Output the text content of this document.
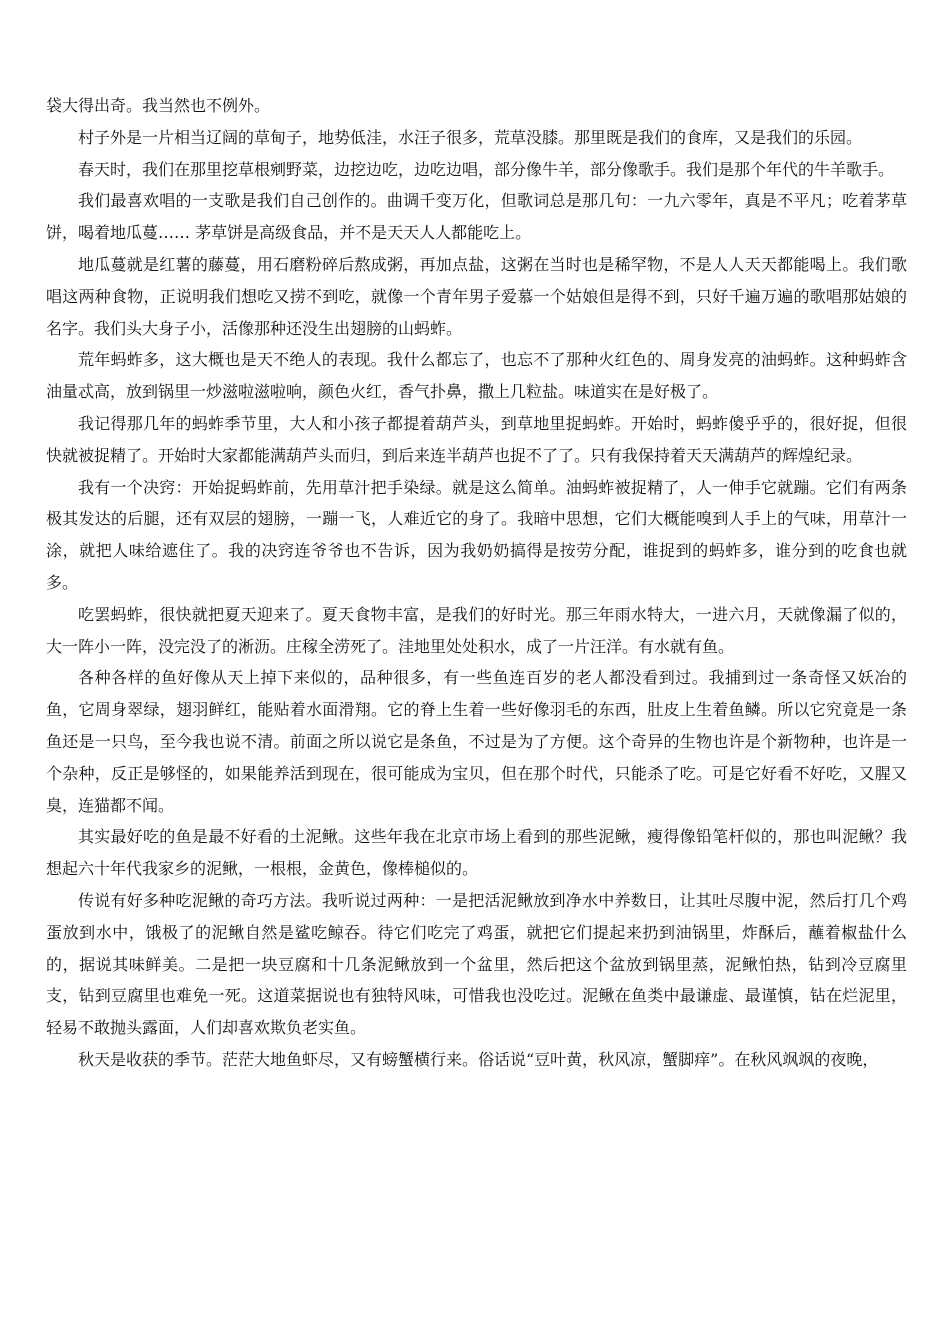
袋大得出奇。我当然也不例外。

村子外是一片相当辽阔的草甸子，地势低洼，水汪子很多，荒草没膝。那里既是我们的食库，又是我们的乐园。

春天时，我们在那里挖草根剜野菜，边挖边吃，边吃边唱，部分像牛羊，部分像歌手。我们是那个年代的牛羊歌手。

我们最喜欢唱的一支歌是我们自己创作的。曲调千变万化，但歌词总是那几句：一九六零年，真是不平凡；吃着茅草饼，喝着地瓜蔓…… 茅草饼是高级食品，并不是天天人人都能吃上。

地瓜蔓就是红薯的藤蔓，用石磨粉碎后熬成粥，再加点盐，这粥在当时也是稀罕物，不是人人天天都能喝上。我们歌唱这两种食物，正说明我们想吃又捞不到吃，就像一个青年男子爱慕一个姑娘但是得不到，只好千遍万遍的歌唱那姑娘的名字。我们头大身子小，活像那种还没生出翅膀的山蚂蚱。

荒年蚂蚱多，这大概也是天不绝人的表现。我什么都忘了，也忘不了那种火红色的、周身发亮的油蚂蚱。这种蚂蚱含油量忒高，放到锅里一炒滋啦滋啦响，颜色火红，香气扑鼻，撒上几粒盐。味道实在是好极了。

我记得那几年的蚂蚱季节里，大人和小孩子都提着葫芦头，到草地里捉蚂蚱。开始时，蚂蚱傻乎乎的，很好捉，但很快就被捉精了。开始时大家都能满葫芦头而归，到后来连半葫芦也捉不了了。只有我保持着天天满葫芦的辉煌纪录。

我有一个决窍：开始捉蚂蚱前，先用草汁把手染绿。就是这么简单。油蚂蚱被捉精了，人一伸手它就蹦。它们有两条极其发达的后腿，还有双层的翅膀，一蹦一飞，人难近它的身了。我暗中思想，它们大概能嗅到人手上的气味，用草汁一涂，就把人味给遮住了。我的决窍连爷爷也不告诉，因为我奶奶搞得是按劳分配，谁捉到的蚂蚱多，谁分到的吃食也就多。

吃罢蚂蚱，很快就把夏天迎来了。夏天食物丰富，是我们的好时光。那三年雨水特大，一进六月，天就像漏了似的，大一阵小一阵，没完没了的淅沥。庄稼全涝死了。洼地里处处积水，成了一片汪洋。有水就有鱼。

各种各样的鱼好像从天上掉下来似的，品种很多，有一些鱼连百岁的老人都没看到过。我捕到过一条奇怪又妖冶的鱼，它周身翠绿，翅羽鲜红，能贴着水面滑翔。它的脊上生着一些好像羽毛的东西，肚皮上生着鱼鳞。所以它究竟是一条鱼还是一只鸟，至今我也说不清。前面之所以说它是条鱼，不过是为了方便。这个奇异的生物也许是个新物种，也许是一个杂种，反正是够怪的，如果能养活到现在，很可能成为宝贝，但在那个时代，只能杀了吃。可是它好看不好吃，又腥又臭，连猫都不闻。

其实最好吃的鱼是最不好看的土泥鳅。这些年我在北京市场上看到的那些泥鳅，瘦得像铅笔杆似的，那也叫泥鳅？我想起六十年代我家乡的泥鳅，一根根，金黄色，像棒槌似的。

传说有好多种吃泥鳅的奇巧方法。我听说过两种：一是把活泥鳅放到净水中养数日，让其吐尽腹中泥，然后打几个鸡蛋放到水中，饿极了的泥鳅自然是鲨吃鲸吞。待它们吃完了鸡蛋，就把它们提起来扔到油锅里，炸酥后，蘸着椒盐什么的，据说其味鲜美。二是把一块豆腐和十几条泥鳅放到一个盆里，然后把这个盆放到锅里蒸，泥鳅怕热，钻到冷豆腐里支，钻到豆腐里也难免一死。这道菜据说也有独特风味，可惜我也没吃过。泥鳅在鱼类中最谦虚、最谨慎，钻在烂泥里，轻易不敢抛头露面，人们却喜欢欺负老实鱼。

秋天是收获的季节。茫茫大地鱼虾尽，又有螃蟹横行来。俗话说“豆叶黄，秋风凉，蟹脚痒”。在秋风飒飒的夜晚，
